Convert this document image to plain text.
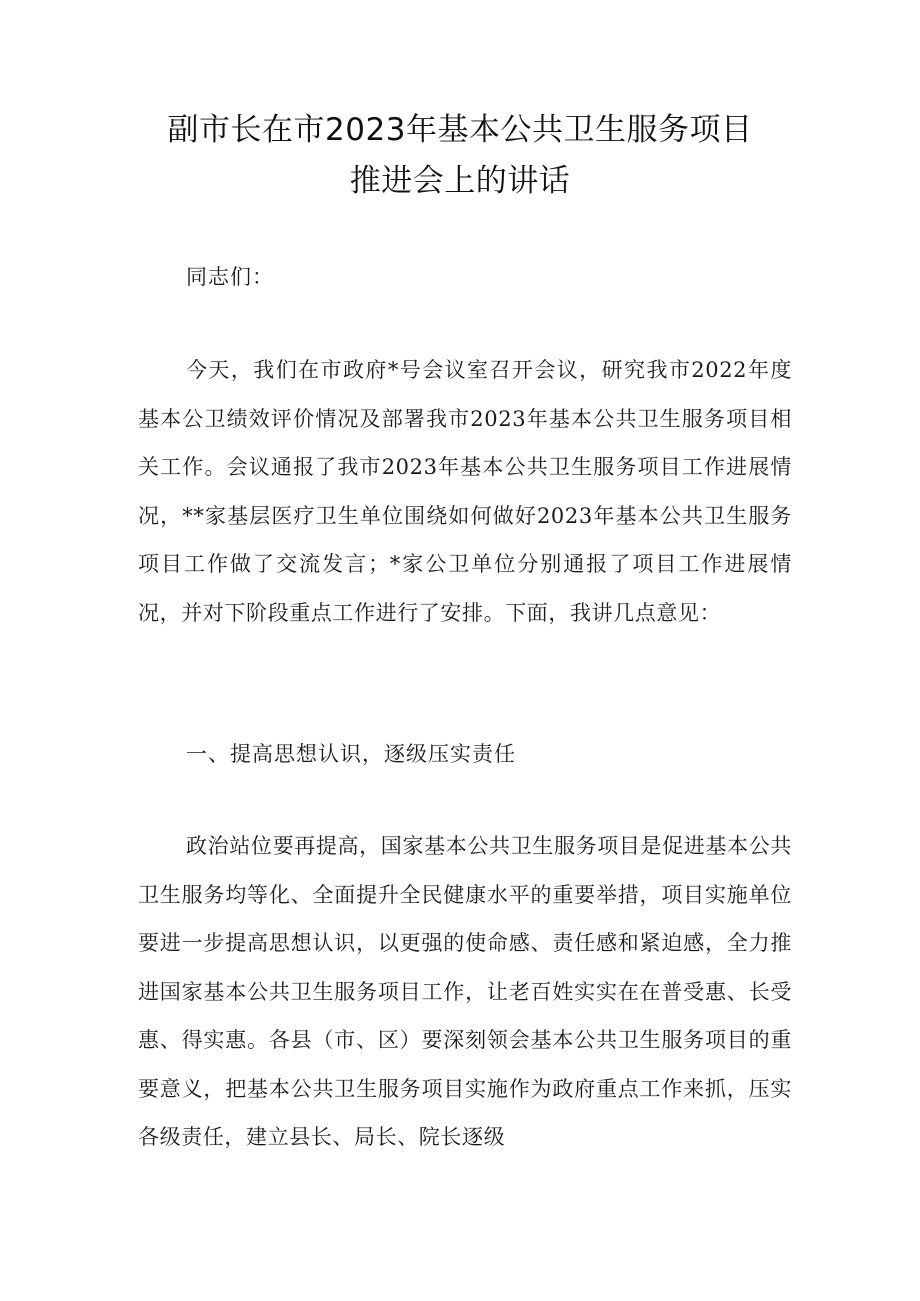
副市长在市2023年基本公共卫生服务项目
推进会上的讲话
同志们：

今天，我们在市政府*号会议室召开会议，研究我市2022年度基本公卫绩效评价情况及部署我市2023年基本公共卫生服务项目相关工作。会议通报了我市2023年基本公共卫生服务项目工作进展情况，**家基层医疗卫生单位围绕如何做好2023年基本公共卫生服务项目工作做了交流发言；*家公卫单位分别通报了项目工作进展情况，并对下阶段重点工作进行了安排。下面，我讲几点意见：

一、提高思想认识，逐级压实责任

政治站位要再提高，国家基本公共卫生服务项目是促进基本公共卫生服务均等化、全面提升全民健康水平的重要举措，项目实施单位要进一步提高思想认识，以更强的使命感、责任感和紧迫感，全力推进国家基本公共卫生服务项目工作，让老百姓实实在在普受惠、长受惠、得实惠。各县（市、区）要深刻领会基本公共卫生服务项目的重要意义，把基本公共卫生服务项目实施作为政府重点工作来抓，压实各级责任，建立县长、局长、院长逐级
